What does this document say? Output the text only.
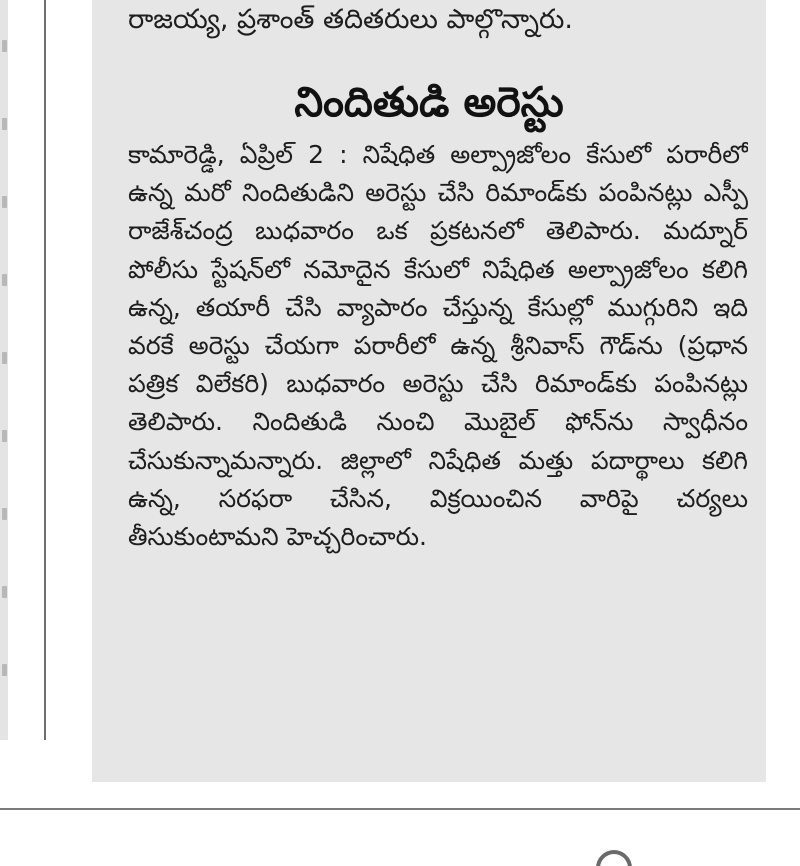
రాజయ్య, ప్రశాంత్ తదితరులు పాల్గొన్నారు.
నిందితుడి అరెస్టు
కామారెడ్డి, ఏప్రిల్ 2 : నిషేధిత అల్ప్రాజోలం కేసులో పరారీలో ఉన్న మరో నిందితుడిని అరెస్టు చేసి రిమాండ్‌కు పంపినట్లు ఎస్పీ రాజేశ్‌చంద్ర బుధవారం ఒక ప్రకటనలో తెలిపారు. మద్నూర్ పోలీసు స్టేషన్‌లో నమోదైన కేసులో నిషేధిత అల్ప్రాజోలం కలిగి ఉన్న, తయారీ చేసి వ్యాపారం చేస్తున్న కేసుల్లో ముగ్గురిని ఇది వరకే అరెస్టు చేయగా పరారీలో ఉన్న శ్రీనివాస్ గౌడ్‌ను (ప్రధాన పత్రిక విలేకరి) బుధవారం అరెస్టు చేసి రిమాండ్‌కు పంపినట్లు తెలిపారు. నిందితుడి నుంచి మొబైల్ ఫోన్‌ను స్వాధీనం చేసుకున్నామన్నారు. జిల్లాలో నిషేధిత మత్తు పదార్థాలు కలిగి ఉన్న, సరఫరా చేసిన, విక్రయించిన వారిపై చర్యలు తీసుకుంటామని హెచ్చరించారు.
